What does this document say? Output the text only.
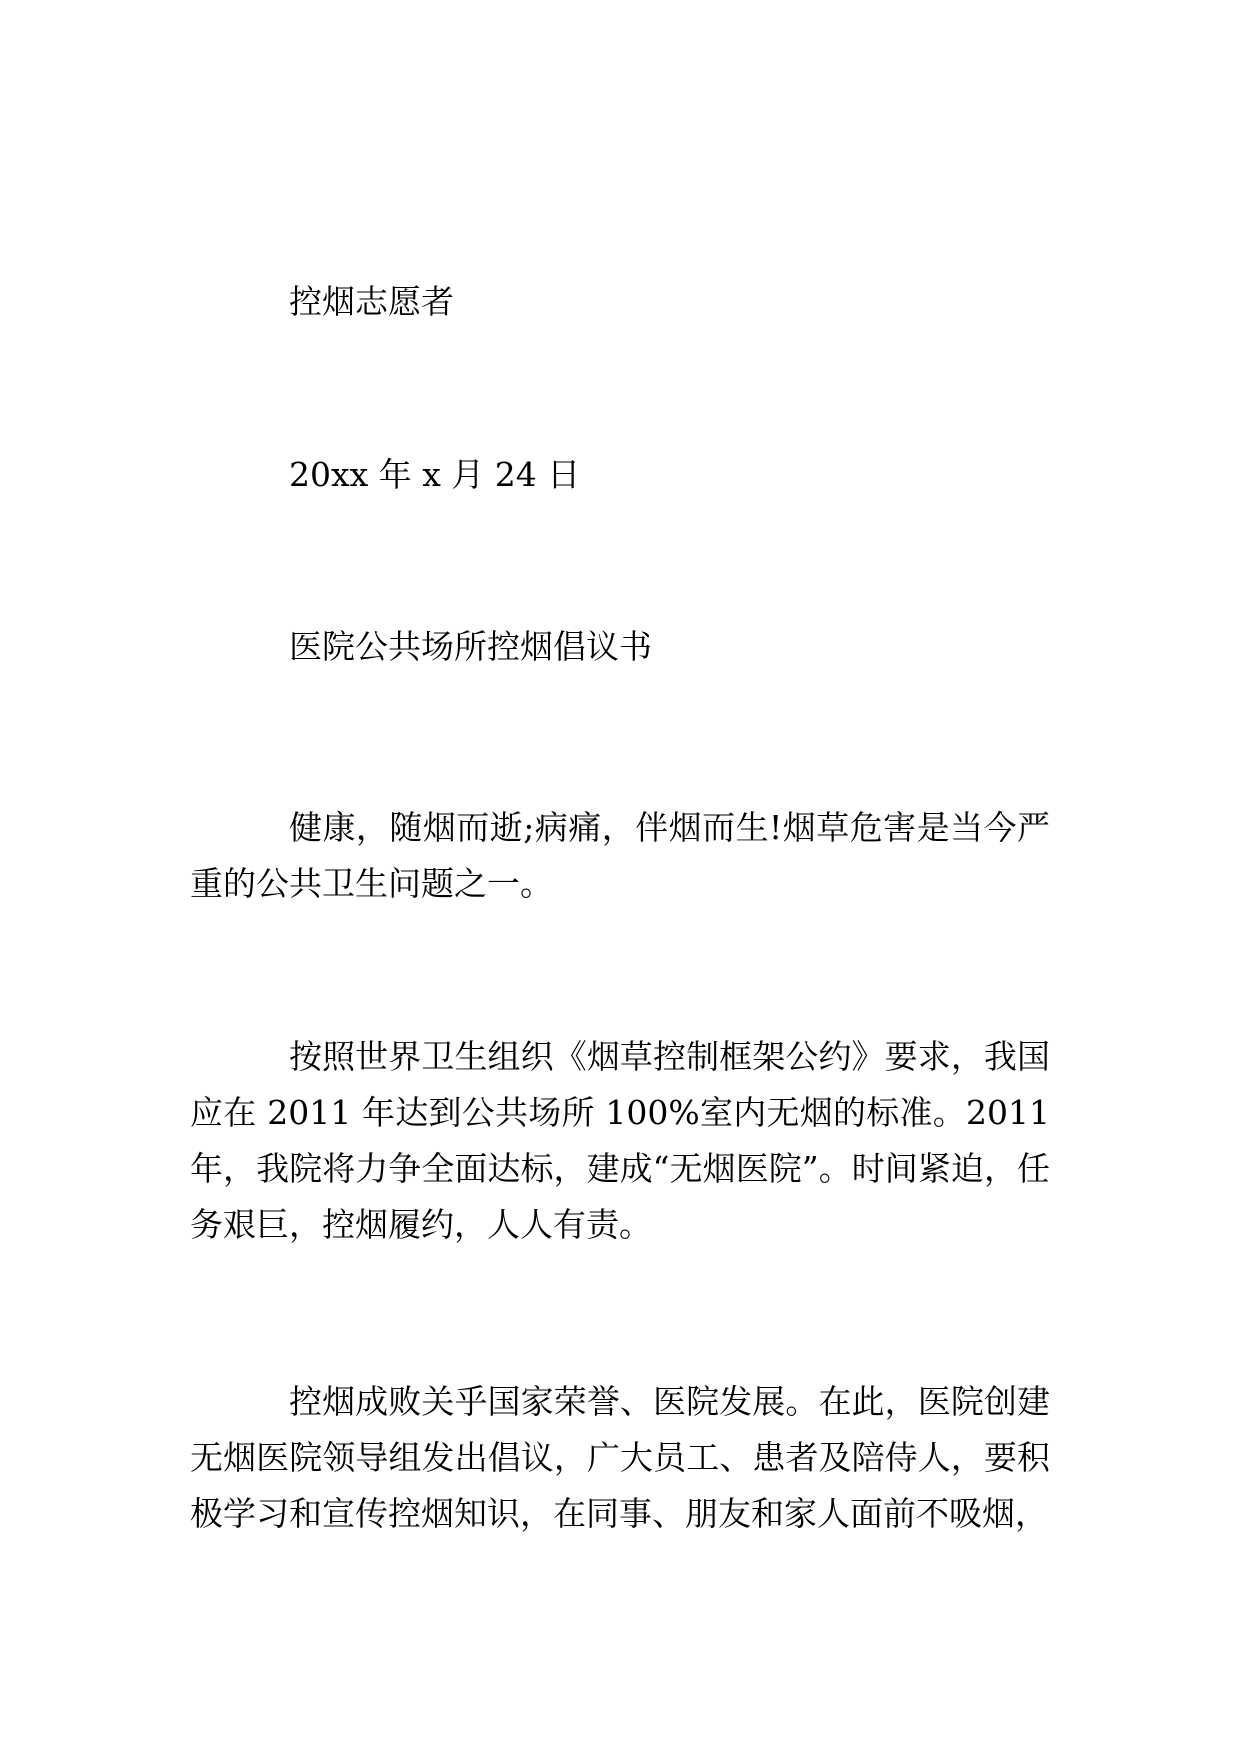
控烟志愿者
20xx 年 x 月 24 日
医院公共场所控烟倡议书
健康，随烟而逝;病痛，伴烟而生!烟草危害是当今严重的公共卫生问题之一。
按照世界卫生组织《烟草控制框架公约》要求，我国应在 2011 年达到公共场所 100%室内无烟的标准。2011 年，我院将力争全面达标，建成“无烟医院”。时间紧迫，任务艰巨，控烟履约，人人有责。
控烟成败关乎国家荣誉、医院发展。在此，医院创建无烟医院领导组发出倡议，广大员工、患者及陪侍人，要积极学习和宣传控烟知识，在同事、朋友和家人面前不吸烟，
